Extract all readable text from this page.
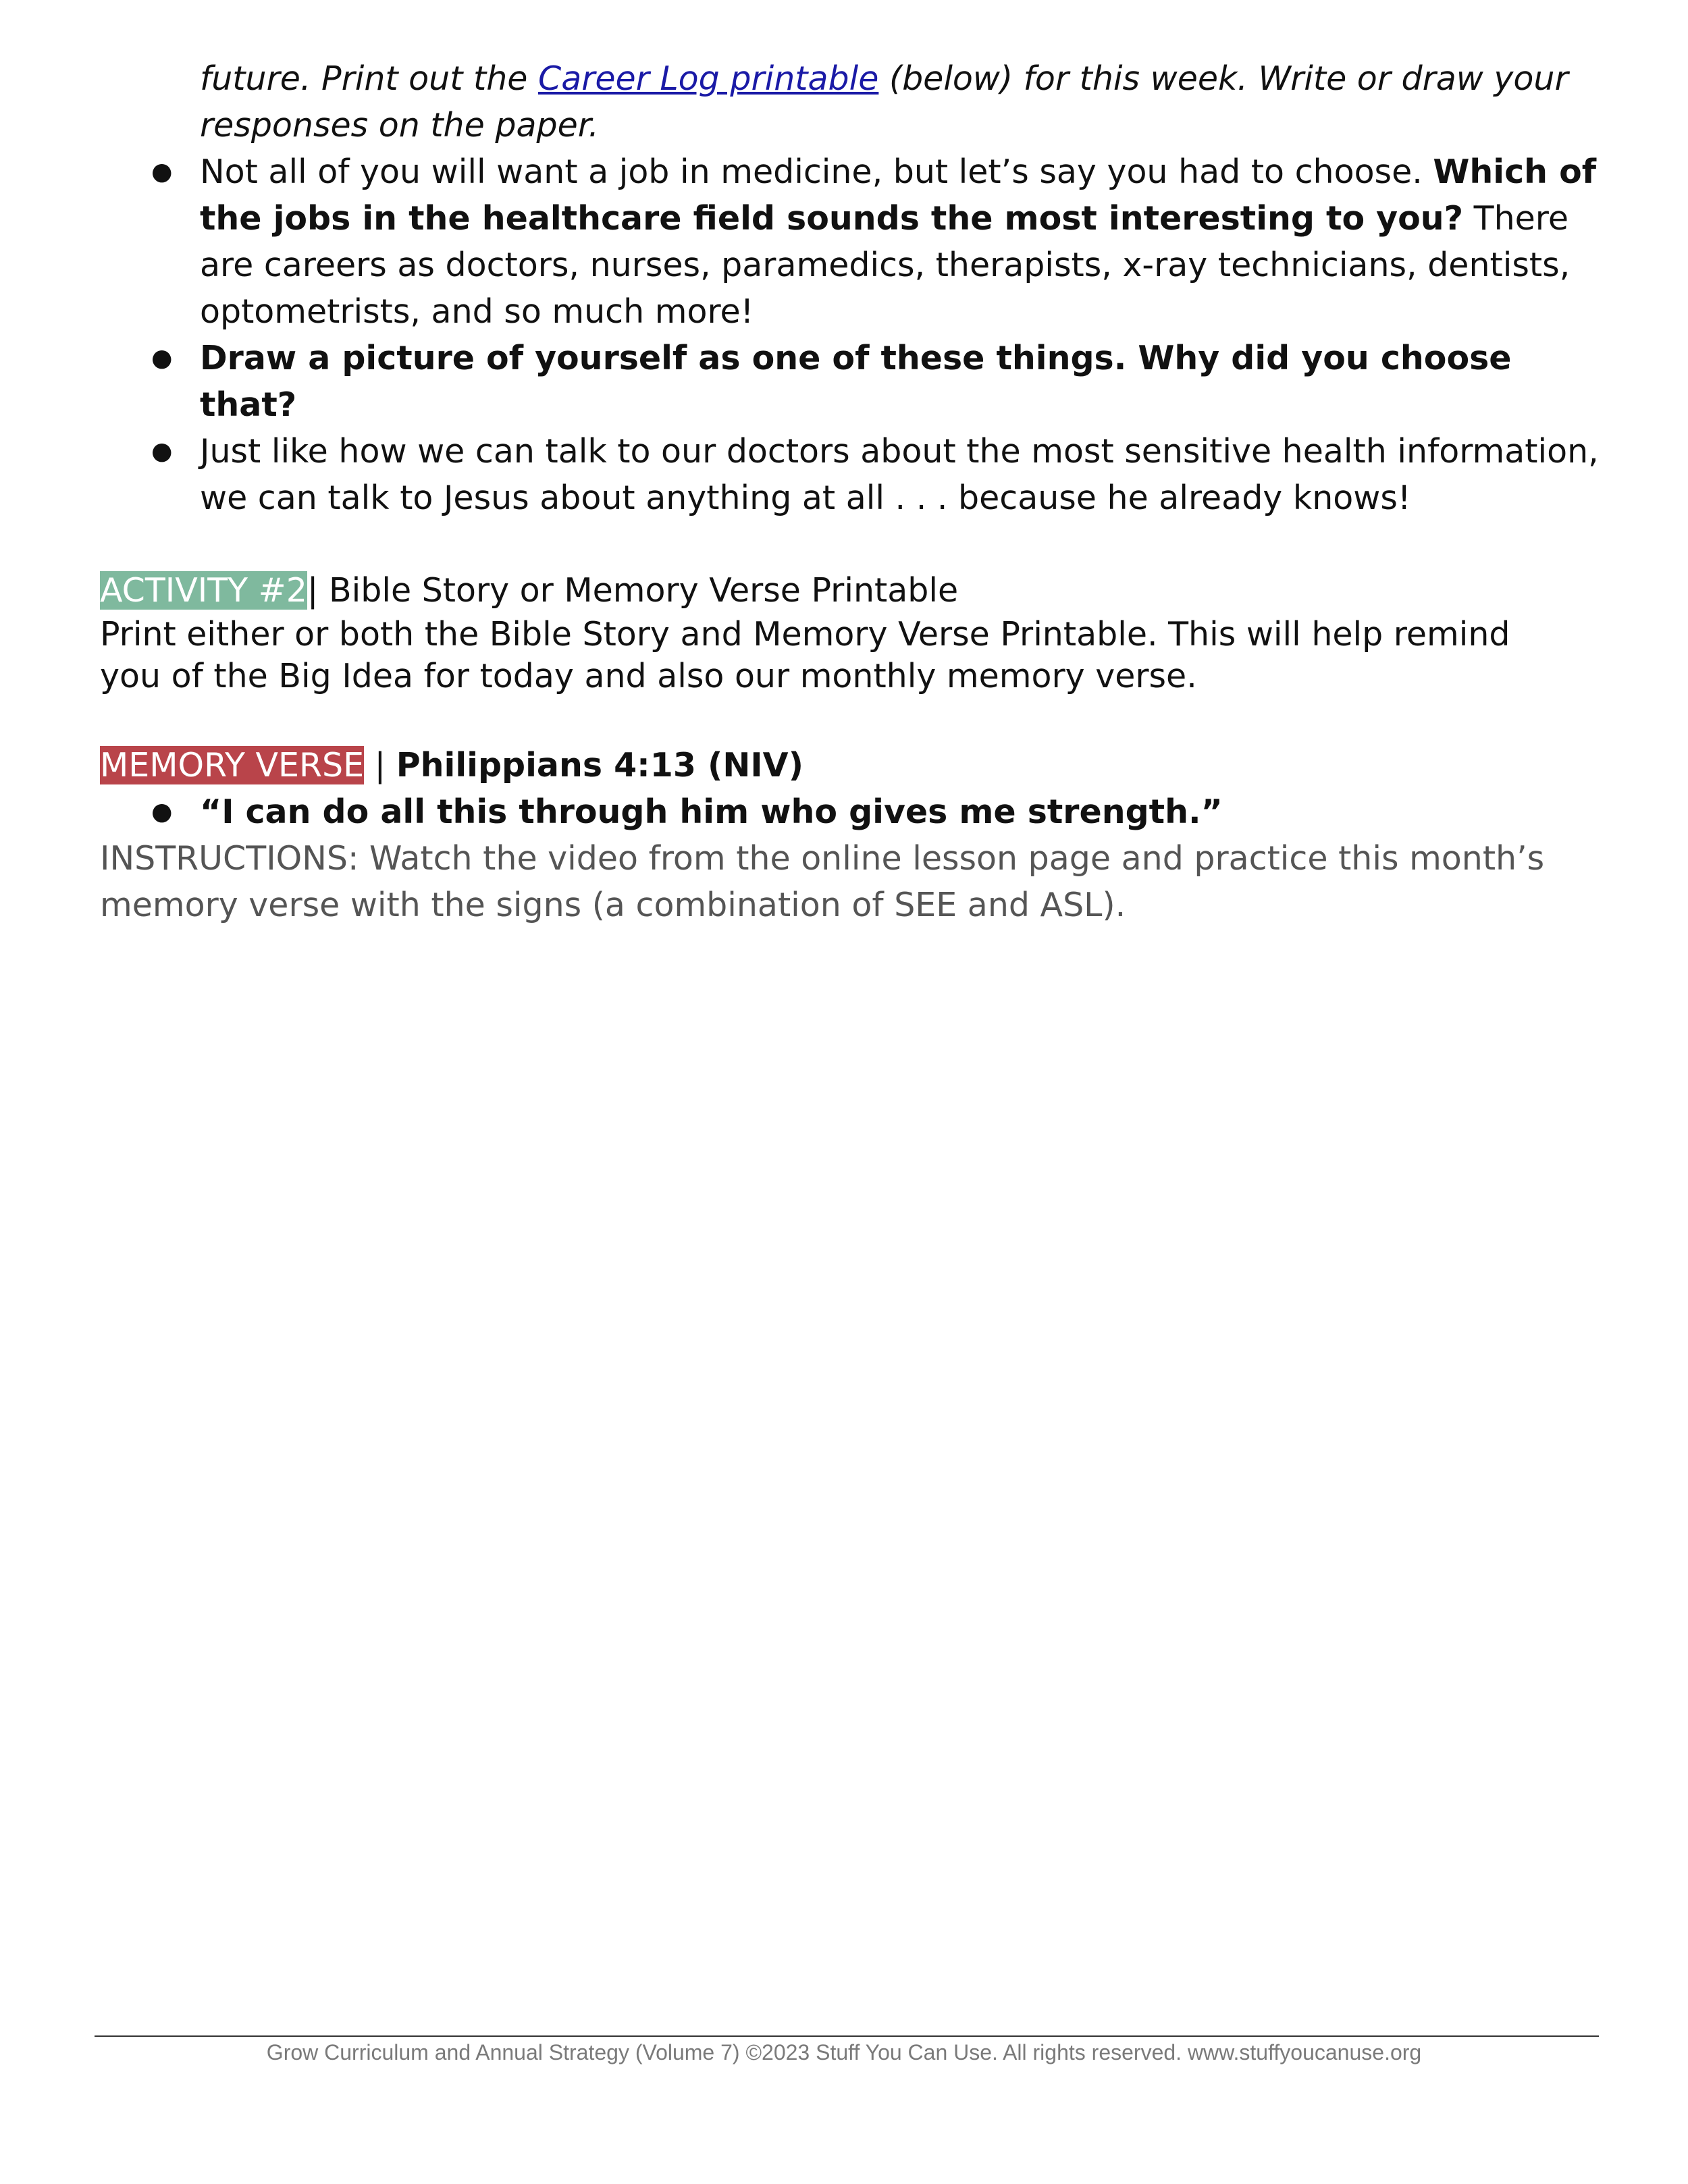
future. Print out the Career Log printable (below) for this week. Write or draw your responses on the paper.

● Not all of you will want a job in medicine, but let’s say you had to choose. Which of the jobs in the healthcare field sounds the most interesting to you? There are careers as doctors, nurses, paramedics, therapists, x-ray technicians, dentists, optometrists, and so much more!
● Draw a picture of yourself as one of these things. Why did you choose that?
● Just like how we can talk to our doctors about the most sensitive health information, we can talk to Jesus about anything at all . . . because he already knows!
ACTIVITY #2| Bible Story or Memory Verse Printable

Print either or both the Bible Story and Memory Verse Printable. This will help remind you of the Big Idea for today and also our monthly memory verse.

MEMORY VERSE | Philippians 4:13 (NIV)
● “I can do all this through him who gives me strength.”
INSTRUCTIONS: Watch the video from the online lesson page and practice this month’s memory verse with the signs (a combination of SEE and ASL).
Grow Curriculum and Annual Strategy (Volume 7) ©2023 Stuff You Can Use. All rights reserved. www.stuffyoucanuse.org
